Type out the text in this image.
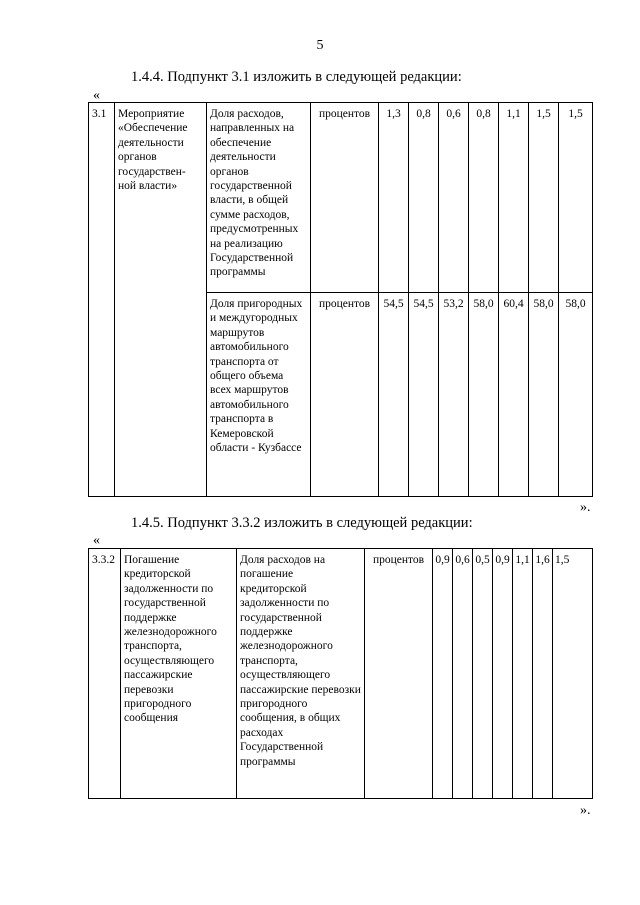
5
1.4.4. Подпункт 3.1 изложить в следующей редакции:
«
3.1	Мероприятие «Обеспечение деятельности органов государствен-ной власти»	Доля расходов, направленных на обеспечение деятельности органов государственной власти, в общей сумме расходов, предусмотренных на реализацию Государственной программы	процентов	1,3	0,8	0,6	0,8	1,1	1,5	1,5
		Доля пригородных и междугородных маршрутов автомобильного транспорта от общего объема всех маршрутов автомобильного транспорта в Кемеровской области - Кузбассе	процентов	54,5	54,5	53,2	58,0	60,4	58,0	58,0
».
1.4.5. Подпункт 3.3.2 изложить в следующей редакции:
«
3.3.2	Погашение кредиторской задолженности по государственной поддержке железнодорожного транспорта, осуществляющего пассажирские перевозки пригородного сообщения	Доля расходов на погашение кредиторской задолженности по государственной поддержке железнодорожного транспорта, осуществляющего пассажирские перевозки пригородного сообщения, в общих расходах Государственной программы	процентов	0,9	0,6	0,5	0,9	1,1	1,6	1,5
».
